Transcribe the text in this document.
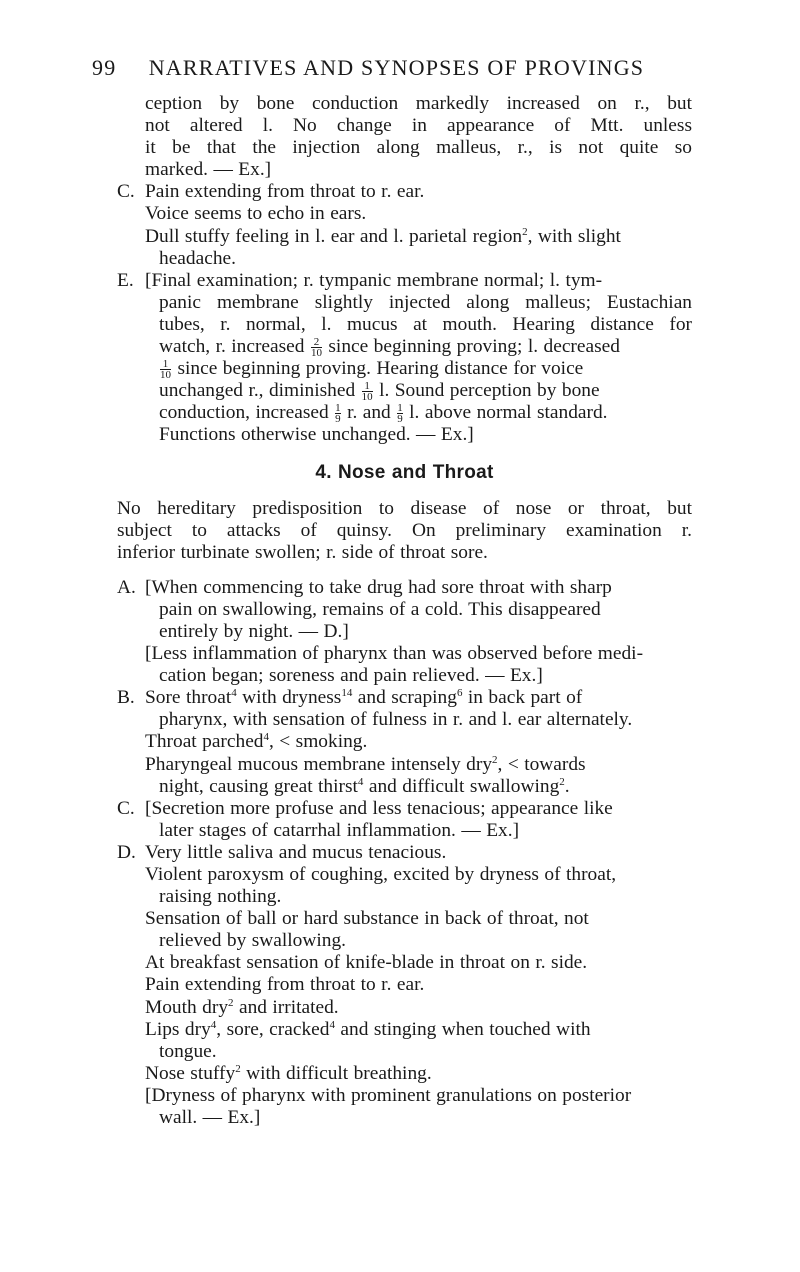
99 NARRATIVES AND SYNOPSES OF PROVINGS
ception by bone conduction markedly increased on r., but
not altered l. No change in appearance of Mtt. unless
it be that the injection along malleus, r., is not quite so
marked. — Ex.]
C. Pain extending from throat to r. ear.
Voice seems to echo in ears.
Dull stuffy feeling in l. ear and l. parietal region$^2$, with slight
headache.
E. [Final examination; r. tympanic membrane normal; l. tym-
panic membrane slightly injected along malleus; Eustachian
tubes, r. normal, l. mucus at mouth. Hearing distance for
watch, r. increased $\frac{2}{10}$ since beginning proving; l. decreased
$\frac{1}{10}$ since beginning proving. Hearing distance for voice
unchanged r., diminished $\frac{1}{10} l$. Sound perception by bone
conduction, increased $\frac{1}{9} r$. and $\frac{1}{9} l$. above normal standard.
Functions otherwise unchanged. — Ex.]
4. Nose and Throat
No hereditary predisposition to disease of nose or throat, but
subject to attacks of quinsy. On preliminary examination r.
inferior turbinate swollen; r. side of throat sore.
A. [When commencing to take drug had sore throat with sharp
pain on swallowing, remains of a cold. This disappeared
entirely by night. — D.]
[Less inflammation of pharynx than was observed before medi-
cation began; soreness and pain relieved. — Ex.]
B. Sore throat$^4$ with dryness$^{14}$ and scraping$^6$ in back part of
pharynx, with sensation of fulness in r. and l. ear alternately.
Throat parched$^4$, < smoking.
Pharyngeal mucous membrane intensely dry$^2$, < towards
night, causing great thirst$^4$ and difficult swallowing$^2$.
C. [Secretion more profuse and less tenacious; appearance like
later stages of catarrhal inflammation. — Ex.]
D. Very little saliva and mucus tenacious.
Violent paroxysm of coughing, excited by dryness of throat,
raising nothing.
Sensation of ball or hard substance in back of throat, not
relieved by swallowing.
At breakfast sensation of knife-blade in throat on r. side.
Pain extending from throat to r. ear.
Mouth dry$^2$ and irritated.
Lips dry$^4$, sore, cracked$^4$ and stinging when touched with
tongue.
Nose stuffy$^2$ with difficult breathing.
[Dryness of pharynx with prominent granulations on posterior
wall. — Ex.]
